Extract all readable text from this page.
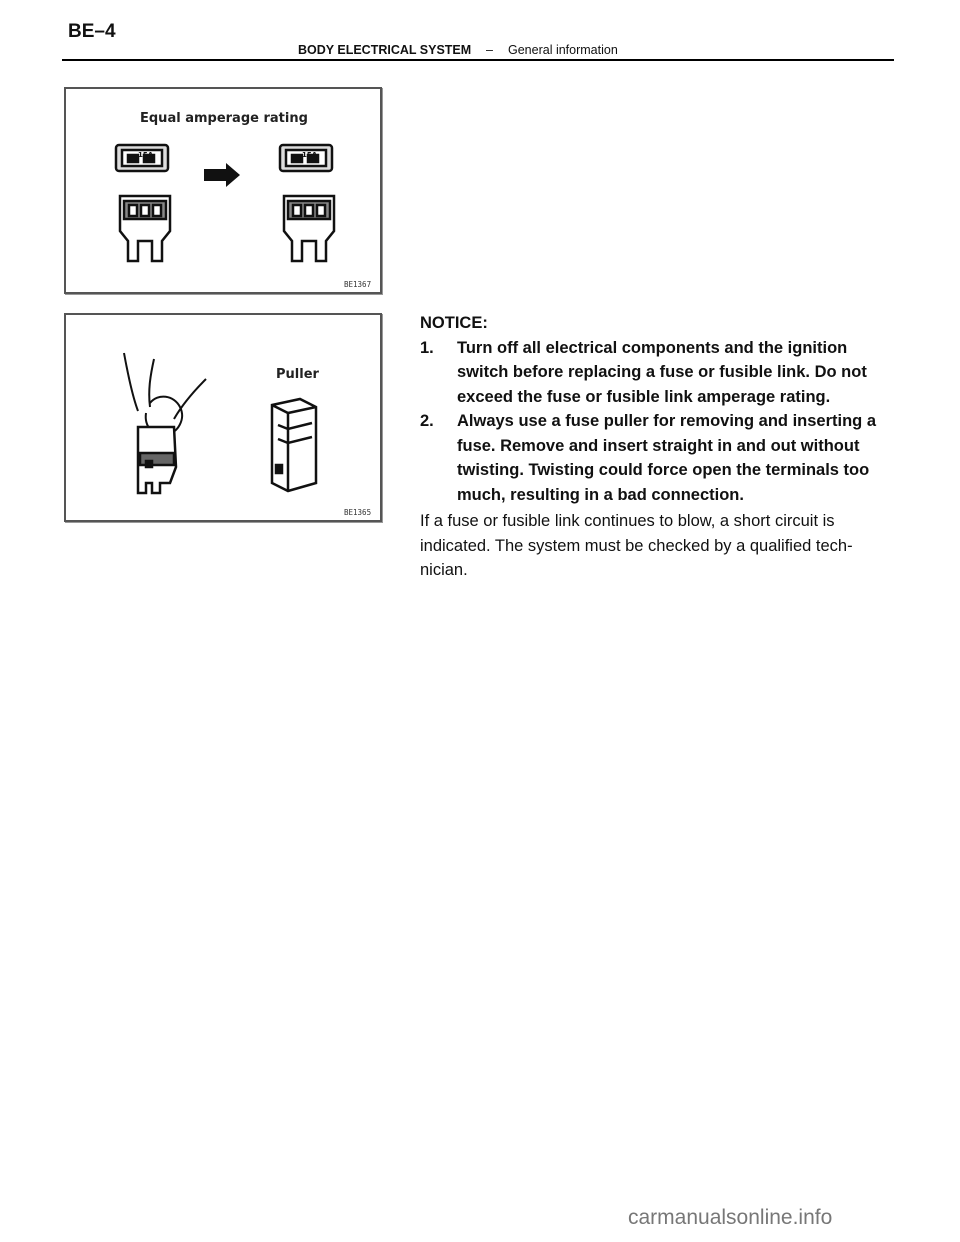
BE–4
BODY ELECTRICAL SYSTEM – General information
Equal amperage rating
15A	15A
BE1367
Puller
BE1365
NOTICE:
1. Turn off all electrical components and the ignition switch before replacing a fuse or fusible link. Do not exceed the fuse or fusible link amperage rating.
2. Always use a fuse puller for removing and inserting a fuse. Remove and insert straight in and out without twisting. Twisting could force open the terminals too much, resulting in a bad connection.
If a fuse or fusible link continues to blow, a short circuit is indicated. The system must be checked by a qualified tech- nician.
carmanualsonline.info
